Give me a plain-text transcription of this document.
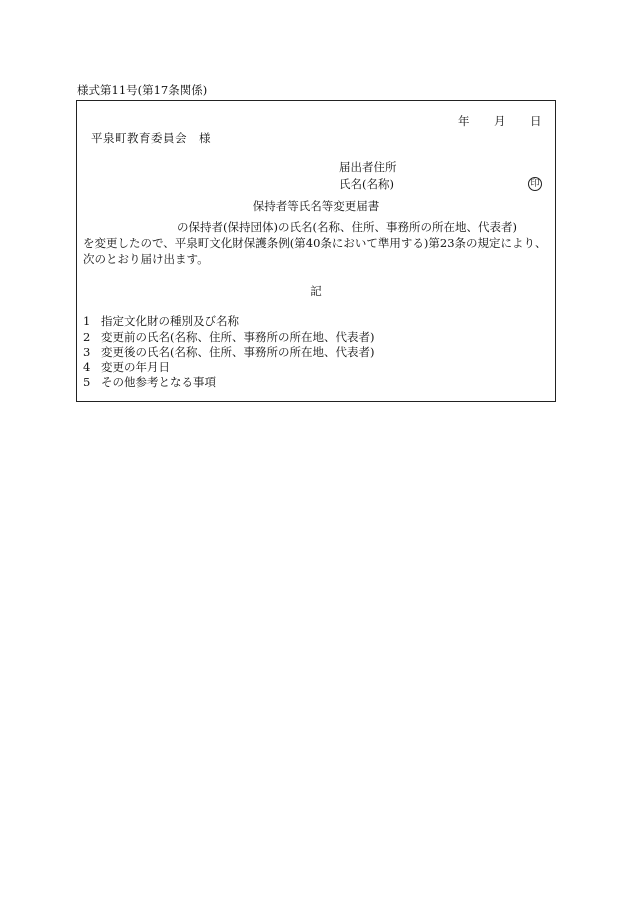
様式第11号(第17条関係)
年 月 日
平泉町教育委員会　様
届出者住所
氏名(名称)	印
保持者等氏名等変更届書
の保持者(保持団体)の氏名(名称、住所、事務所の所在地、代表者)
を変更したので、平泉町文化財保護条例(第40条において準用する)第23条の規定により、
次のとおり届け出ます。
記
1 指定文化財の種別及び名称
2 変更前の氏名(名称、住所、事務所の所在地、代表者)
3 変更後の氏名(名称、住所、事務所の所在地、代表者)
4 変更の年月日
5 その他参考となる事項
